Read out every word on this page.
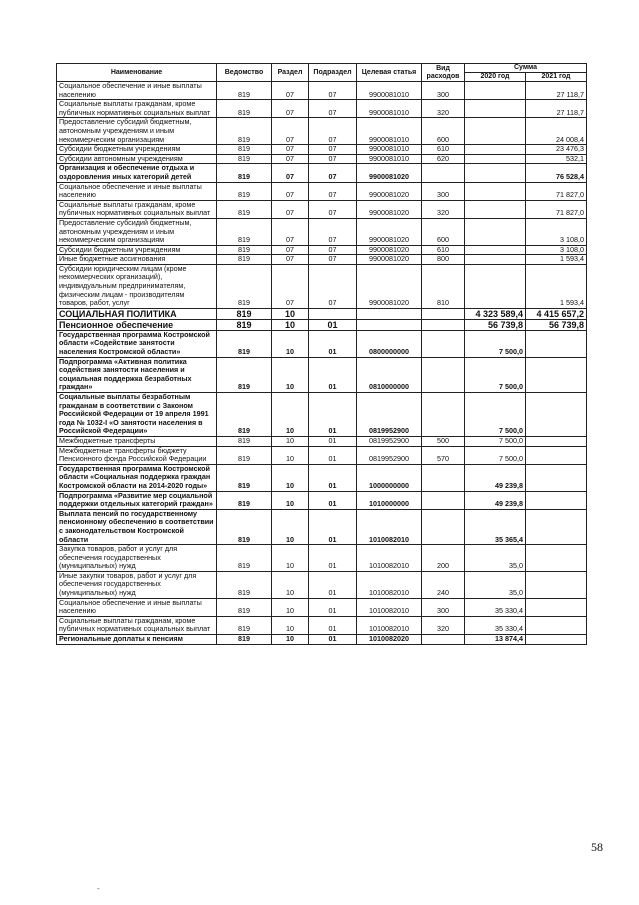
Наименование	Ведомство	Раздел	Подраздел	Целевая статья	Вид расходов	Сумма	
						2020 год	2021 год
Социальное обеспечение и иные выплаты населению	819	07	07	9900081010	300		27 118,7
Социальные выплаты гражданам, кроме публичных нормативных социальных выплат	819	07	07	9900081010	320		27 118,7
Предоставление субсидий бюджетным, автономным учреждениям и иным некоммерческим организациям	819	07	07	9900081010	600		24 008,4
Субсидии бюджетным учреждениям	819	07	07	9900081010	610		23 476,3
Субсидии автономным учреждениям	819	07	07	9900081010	620		532,1
Организация и обеспечение отдыха и оздоровления иных категорий детей	819	07	07	9900081020			76 528,4
Социальное обеспечение и иные выплаты населению	819	07	07	9900081020	300		71 827,0
Социальные выплаты гражданам, кроме публичных нормативных социальных выплат	819	07	07	9900081020	320		71 827,0
Предоставление субсидий бюджетным, автономным учреждениям и иным некоммерческим организациям	819	07	07	9900081020	600		3 108,0
Субсидии бюджетным учреждениям	819	07	07	9900081020	610		3 108,0
Иные бюджетные ассигнования	819	07	07	9900081020	800		1 593,4
Субсидии юридическим лицам (кроме некоммерческих организаций), индивидуальным предпринимателям, физическим лицам - производителям товаров, работ, услуг	819	07	07	9900081020	810		1 593,4
СОЦИАЛЬНАЯ ПОЛИТИКА	819	10				4 323 589,4	4 415 657,2
Пенсионное обеспечение	819	10	01			56 739,8	56 739,8
Государственная программа Костромской области «Содействие занятости населения Костромской области»	819	10	01	0800000000		7 500,0	
Подпрограмма «Активная политика содействия занятости населения и социальная поддержка безработных граждан»	819	10	01	0810000000		7 500,0	
Социальные выплаты безработным гражданам в соответствии с Законом Российской Федерации от 19 апреля 1991 года № 1032-I «О занятости населения в Российской Федерации»	819	10	01	0819952900		7 500,0	
Межбюджетные трансферты	819	10	01	0819952900	500	7 500,0	
Межбюджетные трансферты бюджету Пенсионного фонда Российской Федерации	819	10	01	0819952900	570	7 500,0	
Государственная программа Костромской области «Социальная поддержка граждан Костромской области на 2014-2020 годы»	819	10	01	1000000000		49 239,8	
Подпрограмма «Развитие мер социальной поддержки отдельных категорий граждан»	819	10	01	1010000000		49 239,8	
Выплата пенсий по государственному пенсионному обеспечению в соответствии с законодательством Костромской области	819	10	01	1010082010		35 365,4	
Закупка товаров, работ и услуг для обеспечения государственных (муниципальных) нужд	819	10	01	1010082010	200	35,0	
Иные закупки товаров, работ и услуг для обеспечения государственных (муниципальных) нужд	819	10	01	1010082010	240	35,0	
Социальное обеспечение и иные выплаты населению	819	10	01	1010082010	300	35 330,4	
Социальные выплаты гражданам, кроме публичных нормативных социальных выплат	819	10	01	1010082010	320	35 330,4	
Региональные доплаты к пенсиям	819	10	01	1010082020		13 874,4	
58
-
